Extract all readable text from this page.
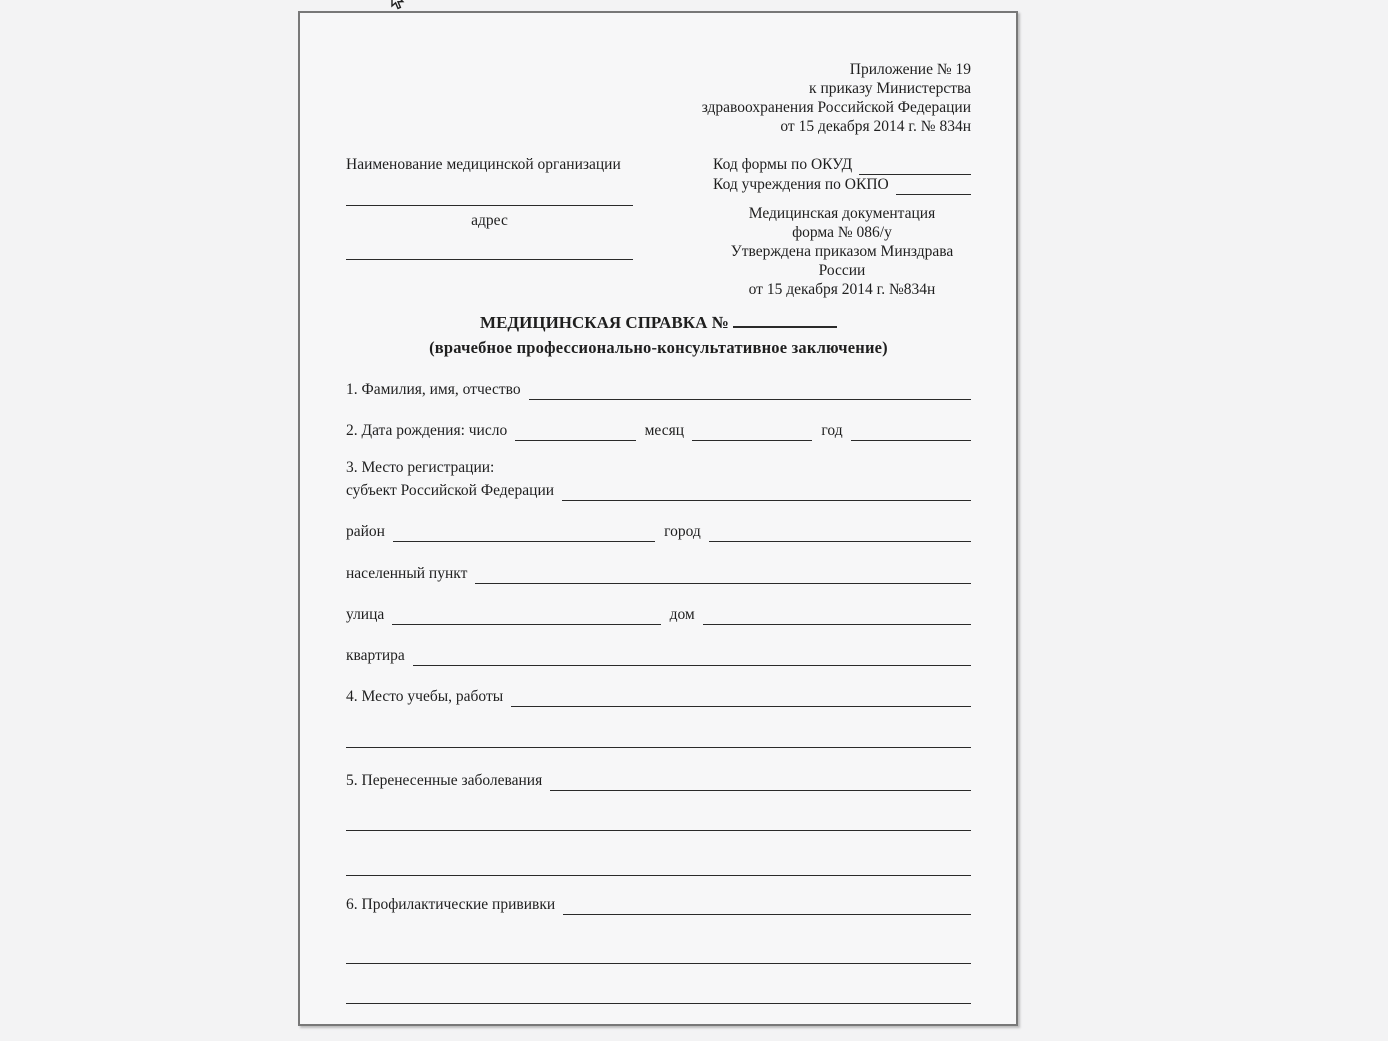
Приложение № 19
к приказу Министерства
здравоохранения Российской Федерации
от 15 декабря 2014 г. № 834н
Наименование медицинской организации
адрес
Код формы по ОКУД
Код учреждения по ОКПО
Медицинская документация
форма № 086/у
Утверждена приказом Минздрава России
от 15 декабря 2014 г. №834н
МЕДИЦИНСКАЯ СПРАВКА №
(врачебное профессионально-консультативное заключение)
1. Фамилия, имя, отчество
2. Дата рождения: число	месяц	год
3. Место регистрации:
субъект Российской Федерации
район	город
населенный пункт
улица	дом
квартира
4. Место учебы, работы
5. Перенесенные заболевания
6. Профилактические прививки
